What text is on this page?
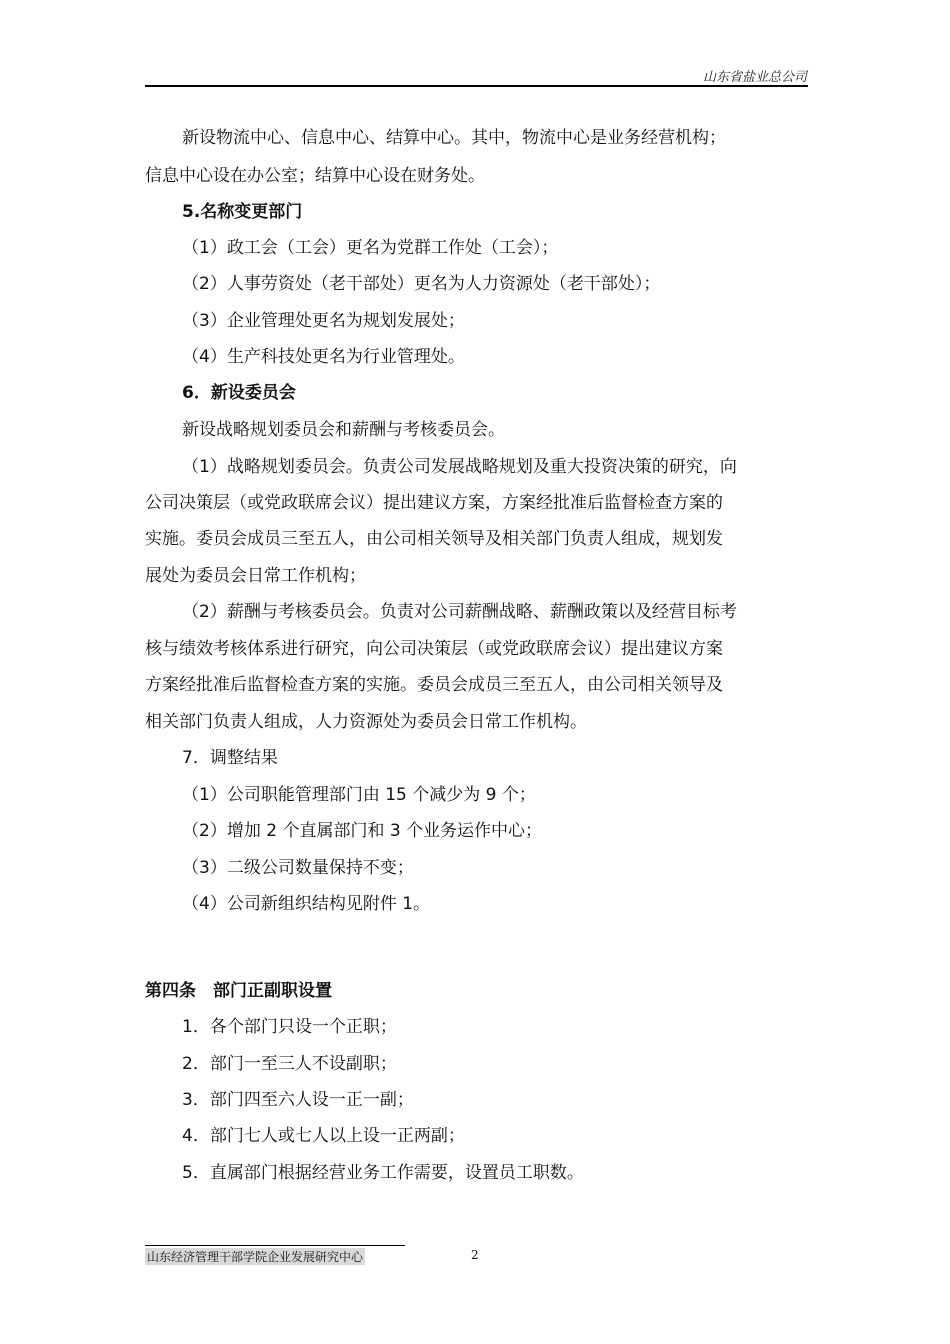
山东省盐业总公司
新设物流中心、信息中心、结算中心。其中，物流中心是业务经营机构；
信息中心设在办公室；结算中心设在财务处。
5.名称变更部门
（1）政工会（工会）更名为党群工作处（工会）；
（2）人事劳资处（老干部处）更名为人力资源处（老干部处）；
（3）企业管理处更名为规划发展处；
（4）生产科技处更名为行业管理处。
6．新设委员会
新设战略规划委员会和薪酬与考核委员会。
（1）战略规划委员会。负责公司发展战略规划及重大投资决策的研究，向
公司决策层（或党政联席会议）提出建议方案，方案经批准后监督检查方案的
实施。委员会成员三至五人，由公司相关领导及相关部门负责人组成，规划发
展处为委员会日常工作机构；
（2）薪酬与考核委员会。负责对公司薪酬战略、薪酬政策以及经营目标考
核与绩效考核体系进行研究，向公司决策层（或党政联席会议）提出建议方案
方案经批准后监督检查方案的实施。委员会成员三至五人，由公司相关领导及
相关部门负责人组成，人力资源处为委员会日常工作机构。
7．调整结果
（1）公司职能管理部门由 15 个减少为 9 个；
（2）增加 2 个直属部门和 3 个业务运作中心；
（3）二级公司数量保持不变；
（4）公司新组织结构见附件 1。
第四条　部门正副职设置
1．各个部门只设一个正职；
2．部门一至三人不设副职；
3．部门四至六人设一正一副；
4．部门七人或七人以上设一正两副；
5．直属部门根据经营业务工作需要，设置员工职数。
山东经济管理干部学院企业发展研究中心	2
